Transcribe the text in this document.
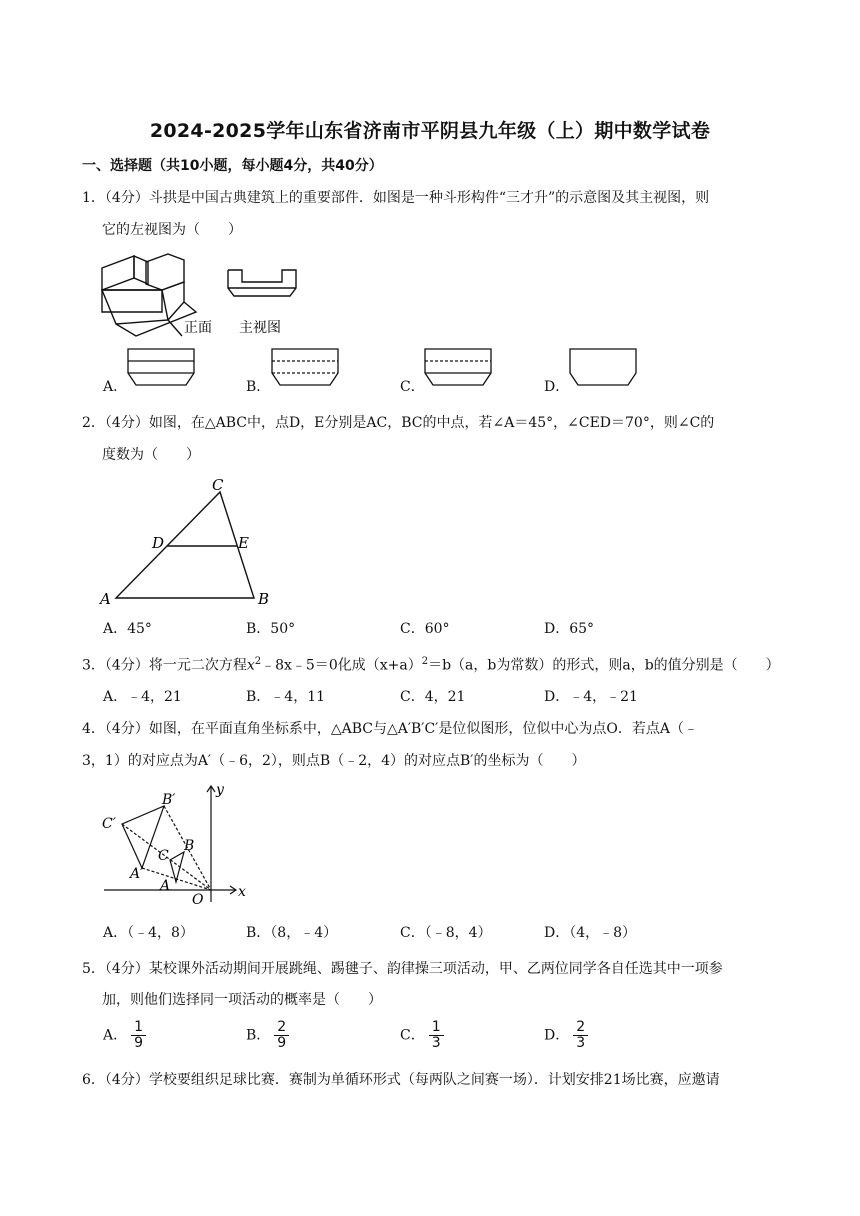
2024-2025学年山东省济南市平阴县九年级（上）期中数学试卷
一、选择题（共10小题，每小题4分，共40分）
1．（4分）斗拱是中国古典建筑上的重要部件．如图是一种斗形构件“三才升”的示意图及其主视图，则
它的左视图为（　　）
正面 主视图
A．	B．	C．	D．
2．（4分）如图，在△ABC中，点D，E分别是AC，BC的中点，若∠A＝45°，∠CED＝70°，则∠C的
度数为（　　）
C
D	E
A	B
A．45°	B．50°	C．60°	D．65°
3．（4分）将一元二次方程$x^2﹣8x﹣5=0$化成$(x+a)^2=b(a$，b为常数）的形式，则a，b的值分别是（　　）
A．﹣4，21	B．﹣4，11	C．4，21	D．﹣4，﹣21
4．（4分）如图，在平面直角坐标系中，△ABC与△A′B′C′是位似图形，位似中心为点O．若点A（﹣
3，1）的对应点为A′（﹣6，2），则点B（﹣2，4）的对应点B′的坐标为（　　）
y
x
O
B′
C′
B
C
A′
A
A．（﹣4，8）	B．（8，﹣4）	C．（﹣8，4）	D．（4，﹣8）
5．（4分）某校课外活动期间开展跳绳、踢毽子、韵律操三项活动，甲、乙两位同学各自任选其中一项参
加，则他们选择同一项活动的概率是（　　）
A． $\frac{1}{9}$	B． $\frac{2}{9}$	C． $\frac{1}{3}$	D． $\frac{2}{3}$
6．（4分）学校要组织足球比赛．赛制为单循环形式（每两队之间赛一场）．计划安排21场比赛，应邀请
